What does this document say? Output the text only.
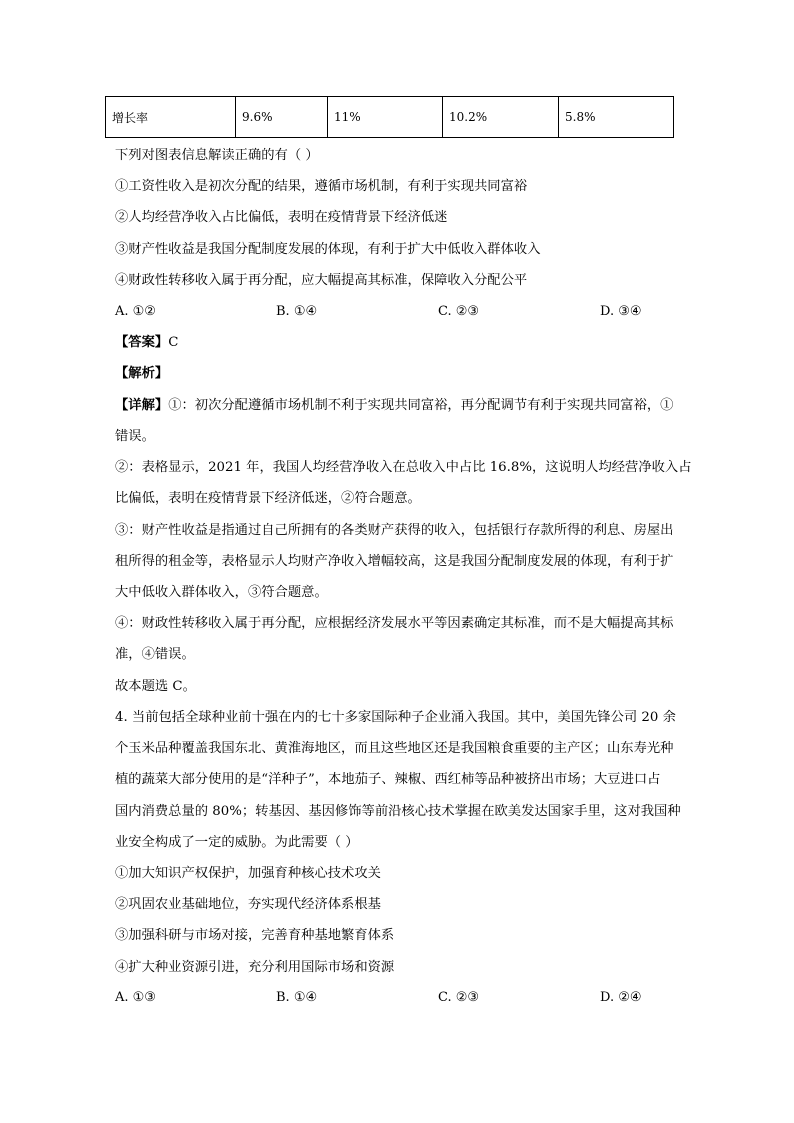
增长率	9.6%	11%	10.2%	5.8%
下列对图表信息解读正确的有（ ）
①工资性收入是初次分配的结果，遵循市场机制，有利于实现共同富裕
②人均经营净收入占比偏低，表明在疫情背景下经济低迷
③财产性收益是我国分配制度发展的体现，有利于扩大中低收入群体收入
④财政性转移收入属于再分配，应大幅提高其标准，保障收入分配公平
A. ①②	B. ①④	C. ②③	D. ③④
【答案】C
【解析】
【详解】①：初次分配遵循市场机制不利于实现共同富裕，再分配调节有利于实现共同富裕，①
错误。
②：表格显示，2021 年，我国人均经营净收入在总收入中占比 16.8%，这说明人均经营净收入占
比偏低，表明在疫情背景下经济低迷，②符合题意。
③：财产性收益是指通过自己所拥有的各类财产获得的收入，包括银行存款所得的利息、房屋出
租所得的租金等，表格显示人均财产净收入增幅较高，这是我国分配制度发展的体现，有利于扩
大中低收入群体收入，③符合题意。
④：财政性转移收入属于再分配，应根据经济发展水平等因素确定其标准，而不是大幅提高其标
准，④错误。
故本题选 C。
4. 当前包括全球种业前十强在内的七十多家国际种子企业涌入我国。其中，美国先锋公司 20 余
个玉米品种覆盖我国东北、黄淮海地区，而且这些地区还是我国粮食重要的主产区；山东寿光种
植的蔬菜大部分使用的是“洋种子”，本地茄子、辣椒、西红柿等品种被挤出市场；大豆进口占
国内消费总量的 80%；转基因、基因修饰等前沿核心技术掌握在欧美发达国家手里，这对我国种
业安全构成了一定的威胁。为此需要（ ）
①加大知识产权保护，加强育种核心技术攻关
②巩固农业基础地位，夯实现代经济体系根基
③加强科研与市场对接，完善育种基地繁育体系
④扩大种业资源引进，充分利用国际市场和资源
A. ①③	B. ①④	C. ②③	D. ②④
